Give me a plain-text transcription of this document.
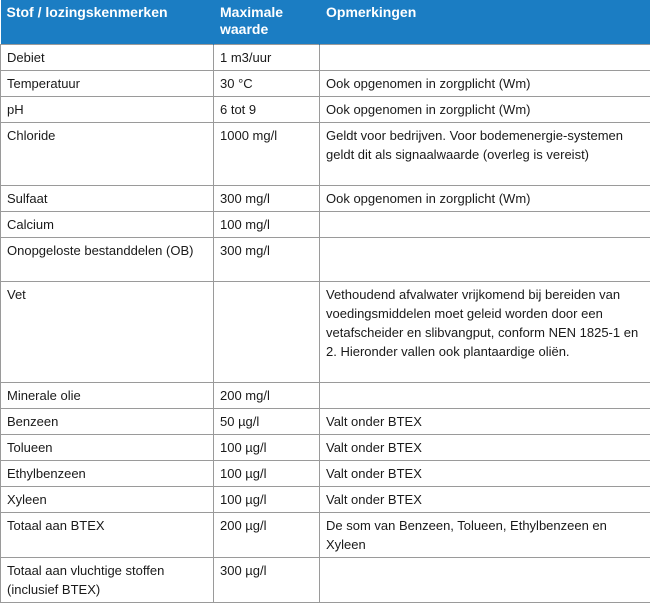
Stof / lozingskenmerken	Maximale waarde	Opmerkingen
Debiet	1 m3/uur	
Temperatuur	30 °C	Ook opgenomen in zorgplicht (Wm)
pH	6 tot 9	Ook opgenomen in zorgplicht (Wm)
Chloride	1000 mg/l	Geldt voor bedrijven. Voor bodemenergie-systemen geldt dit als signaalwaarde (overleg is vereist)
Sulfaat	300 mg/l	Ook opgenomen in zorgplicht (Wm)
Calcium	100 mg/l	
Onopgeloste bestanddelen (OB)	300 mg/l	
Vet		Vethoudend afvalwater vrijkomend bij bereiden van voedingsmiddelen moet geleid worden door een vetafscheider en slibvangput, conform NEN 1825-1 en 2. Hieronder vallen ook plantaardige oliën.
Minerale olie	200 mg/l	
Benzeen	50 µg/l	Valt onder BTEX
Tolueen	100 µg/l	Valt onder BTEX
Ethylbenzeen	100 µg/l	Valt onder BTEX
Xyleen	100 µg/l	Valt onder BTEX
Totaal aan BTEX	200 µg/l	De som van Benzeen, Tolueen, Ethylbenzeen en Xyleen
Totaal aan vluchtige stoffen (inclusief BTEX)	300 µg/l	
